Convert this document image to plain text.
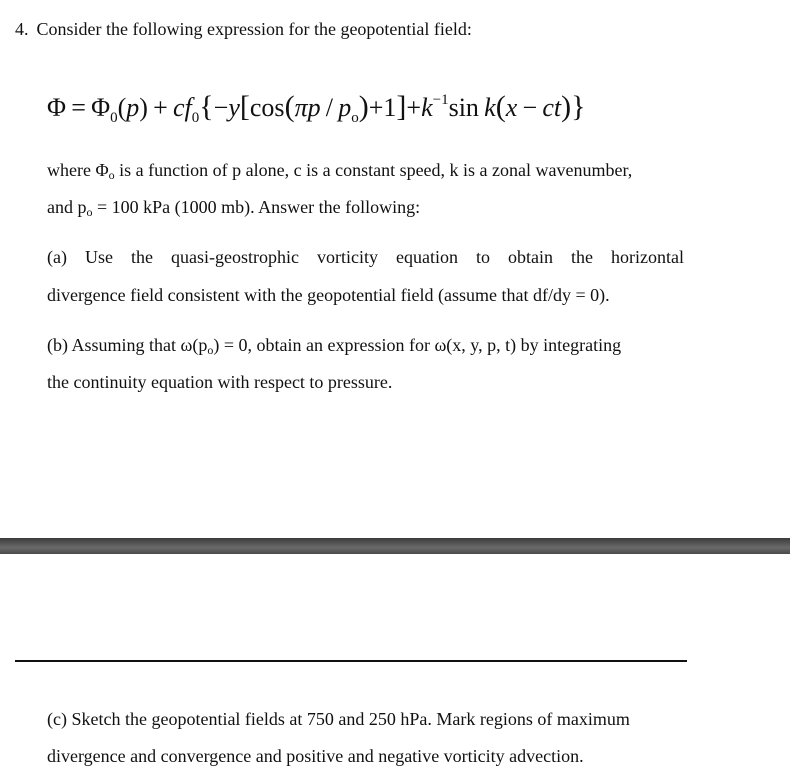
4. Consider the following expression for the geopotential field:
$\Phi = \Phi_0(p) + cf_0\{-y[\cos(\pi p / p_o)+1]+k^{-1}\sin$ k(x − ct)}
where $\Phi_o$ is a function of p alone, c is a constant speed, k is a zonal wavenumber,
and $p_o = 100$ kPa (1000 mb). Answer the following:
(a) Use the quasi-geostrophic vorticity equation to obtain the horizontal
divergence field consistent with the geopotential field (assume that df/dy = 0).
(b) Assuming that $\omega(p_o) = 0$, obtain an expression for ω(x, y, p, t) by integrating
the continuity equation with respect to pressure.
(c) Sketch the geopotential fields at 750 and 250 hPa. Mark regions of maximum
divergence and convergence and positive and negative vorticity advection.
